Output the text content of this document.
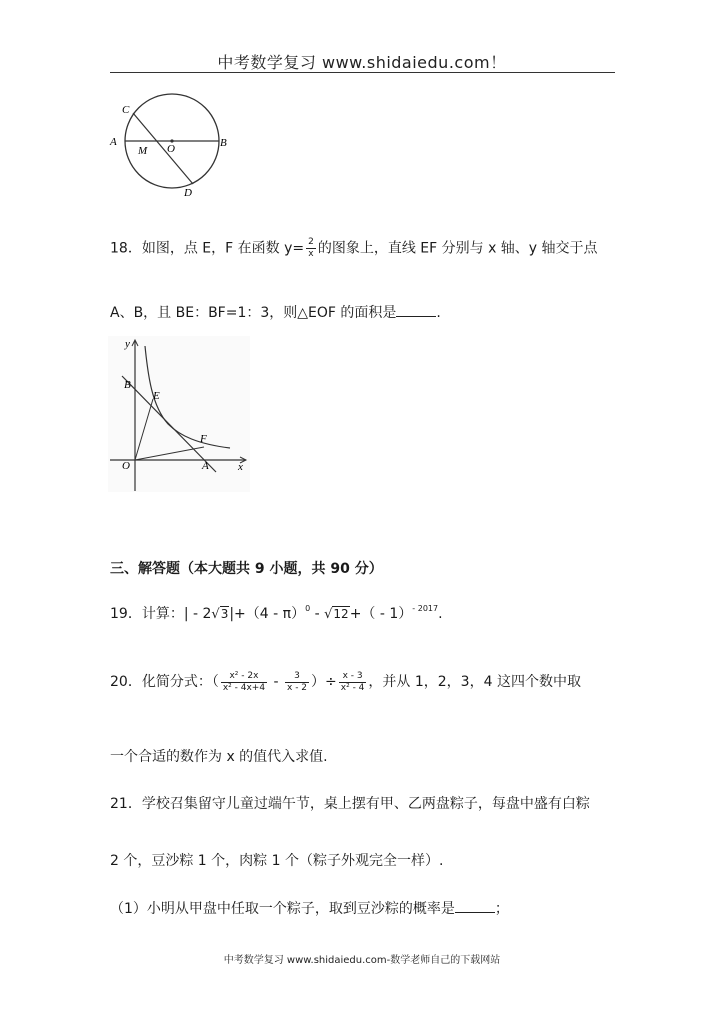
中考数学复习 www.shidaiedu.com！
C
A
M O	B
D
18．如图，点 E，F 在函数 $y= \frac{2}{x}$ 的图象上，直线 EF 分别与 x 轴、y 轴交于点
A、B，且 BE：BF=1：3，则△EOF 的面积是	.
y
B
E
F
O	A	x
三、解答题（本大题共 9 小题，共 90 分）
19．计算：| - 2√3|+（4 - π）$^0$ - √12+（ - 1）$^{- 2017}$.
20．化简分式：（ $\frac{\text{x² - 2x}}{\text{x² - 4x+4}} - \frac{3}{x - 2}$ ）÷ $\frac{x - 3}{\text{x² - 4}}$ ，并从 1，2，3，4 这四个数中取
一个合适的数作为 x 的值代入求值.
21．学校召集留守儿童过端午节，桌上摆有甲、乙两盘粽子，每盘中盛有白粽
2 个，豆沙粽 1 个，肉粽 1 个（粽子外观完全一样）.
（1）小明从甲盘中任取一个粽子，取到豆沙粽的概率是	；
中考数学复习 www.shidaiedu.com-数学老师自己的下载网站
